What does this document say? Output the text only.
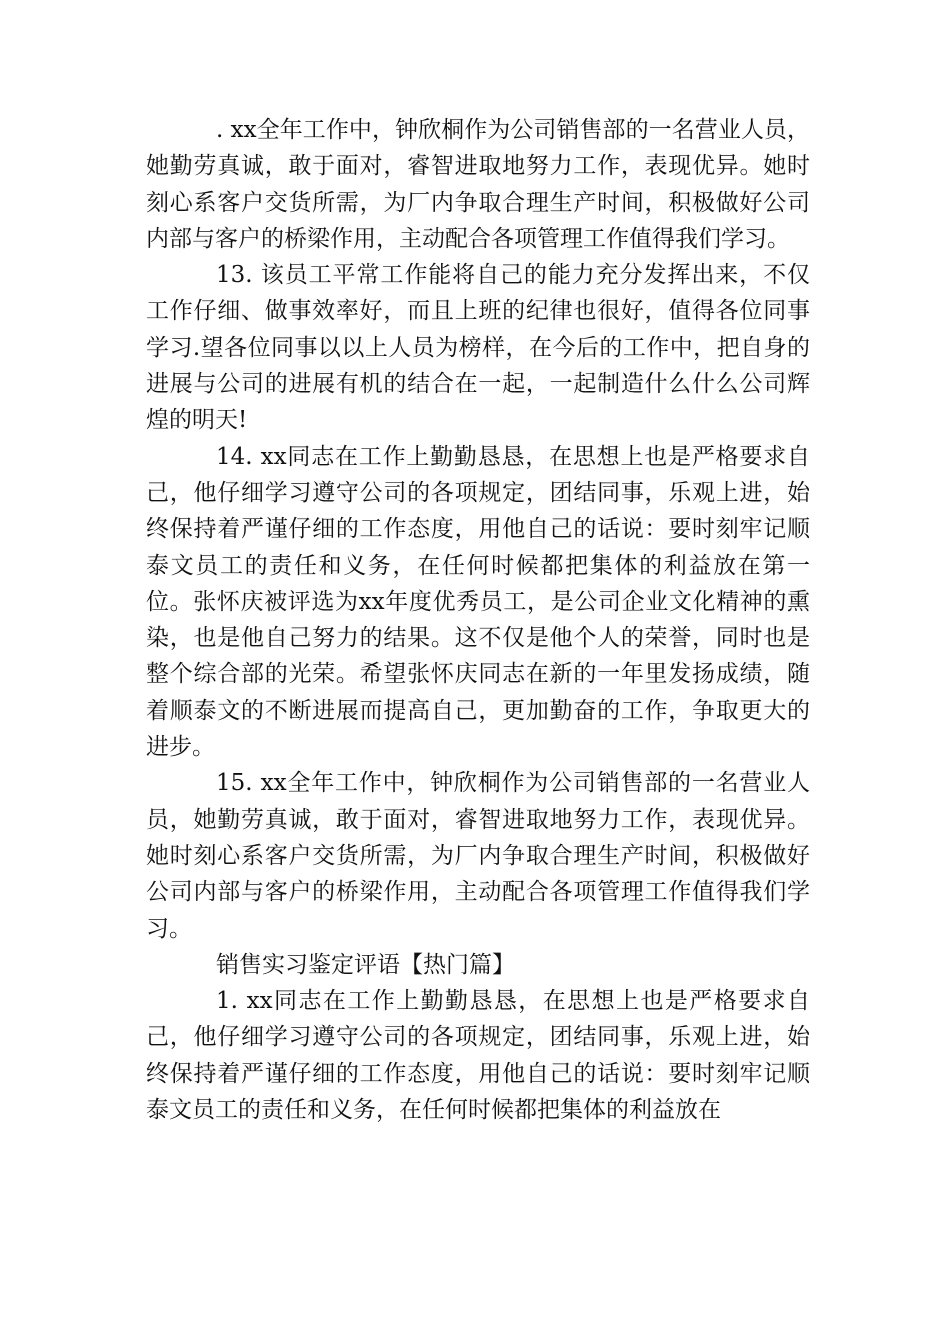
. xx全年工作中，钟欣桐作为公司销售部的一名营业人员，她勤劳真诚，敢于面对，睿智进取地努力工作，表现优异。她时刻心系客户交货所需，为厂内争取合理生产时间，积极做好公司内部与客户的桥梁作用，主动配合各项管理工作值得我们学习。

13. 该员工平常工作能将自己的能力充分发挥出来，不仅工作仔细、做事效率好，而且上班的纪律也很好，值得各位同事学习.望各位同事以以上人员为榜样，在今后的工作中，把自身的进展与公司的进展有机的结合在一起，一起制造什么什么公司辉煌的明天!

14. xx同志在工作上勤勤恳恳，在思想上也是严格要求自己，他仔细学习遵守公司的各项规定，团结同事，乐观上进，始终保持着严谨仔细的工作态度，用他自己的话说：要时刻牢记顺泰文员工的责任和义务，在任何时候都把集体的利益放在第一位。张怀庆被评选为xx年度优秀员工，是公司企业文化精神的熏染，也是他自己努力的结果。这不仅是他个人的荣誉，同时也是整个综合部的光荣。希望张怀庆同志在新的一年里发扬成绩，随着顺泰文的不断进展而提高自己，更加勤奋的工作，争取更大的进步。

15. xx全年工作中，钟欣桐作为公司销售部的一名营业人员，她勤劳真诚，敢于面对，睿智进取地努力工作，表现优异。她时刻心系客户交货所需，为厂内争取合理生产时间，积极做好公司内部与客户的桥梁作用，主动配合各项管理工作值得我们学习。

销售实习鉴定评语【热门篇】

1. xx同志在工作上勤勤恳恳，在思想上也是严格要求自己，他仔细学习遵守公司的各项规定，团结同事，乐观上进，始终保持着严谨仔细的工作态度，用他自己的话说：要时刻牢记顺泰文员工的责任和义务，在任何时候都把集体的利益放在
